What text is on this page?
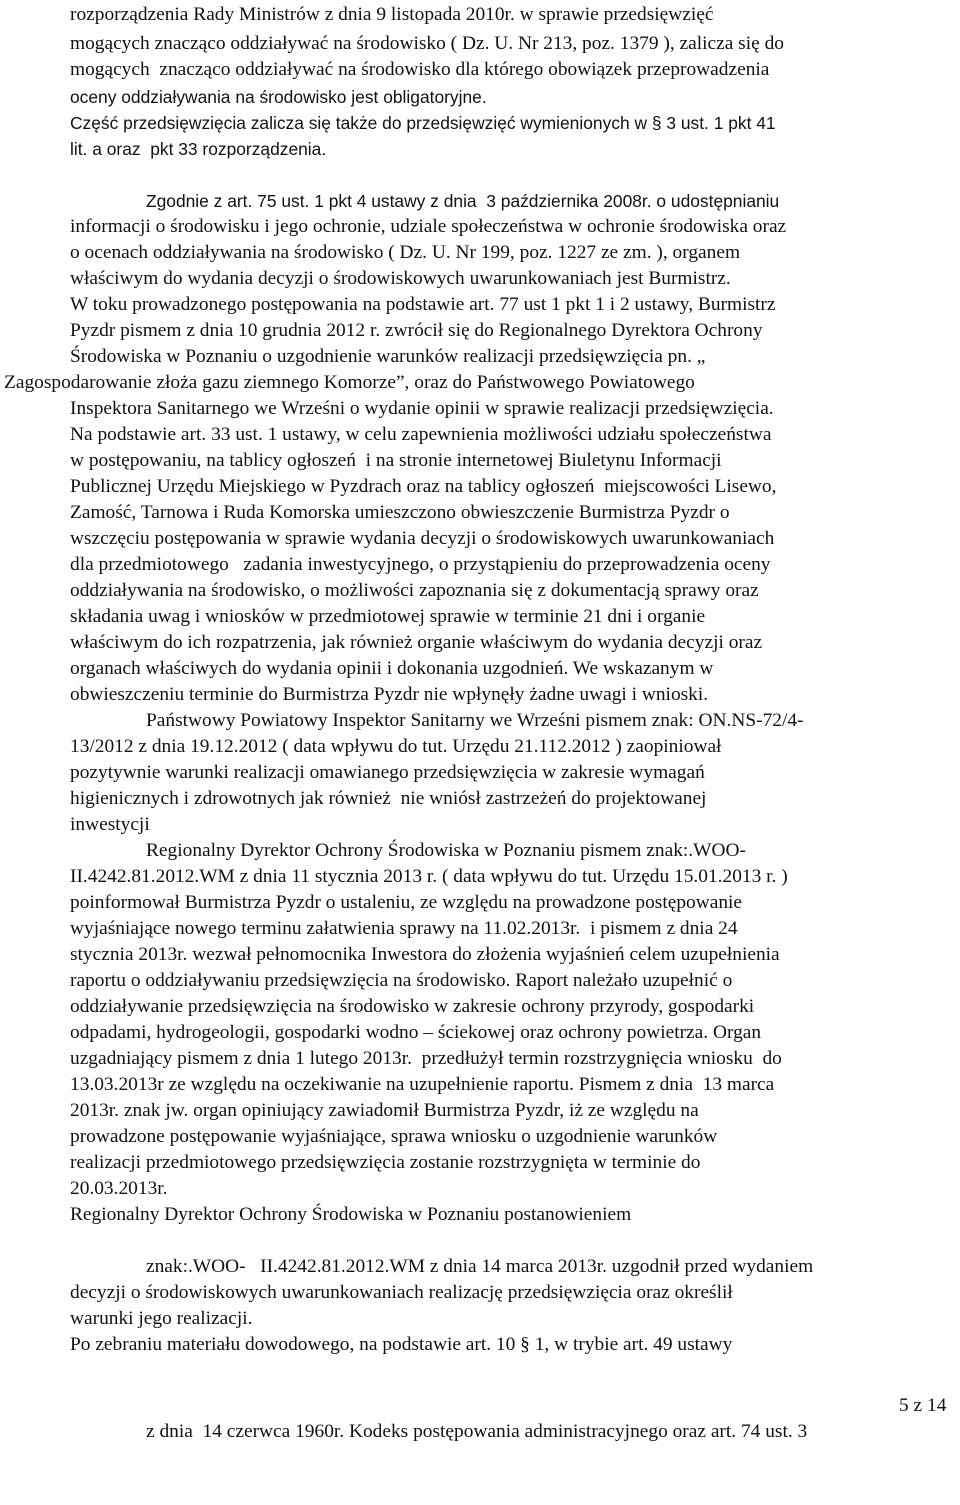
rozporządzenia Rady Ministrów z dnia 9 listopada 2010r. w sprawie przedsięwzięć

mogących znacząco oddziaływać na środowisko ( Dz. U. Nr 213, poz. 1379 ), zalicza się do

mogących  znacząco oddziaływać na środowisko dla którego obowiązek przeprowadzenia

oceny oddziaływania na środowisko jest obligatoryjne.

Część przedsięwzięcia zalicza się także do przedsięwzięć wymienionych w § 3 ust. 1 pkt 41

lit. a oraz  pkt 33 rozporządzenia.

Zgodnie z art. 75 ust. 1 pkt 4 ustawy z dnia  3 października 2008r. o udostępnianiu

informacji o środowisku i jego ochronie, udziale społeczeństwa w ochronie środowiska oraz

o ocenach oddziaływania na środowisko ( Dz. U. Nr 199, poz. 1227 ze zm. ), organem

właściwym do wydania decyzji o środowiskowych uwarunkowaniach jest Burmistrz.

W toku prowadzonego postępowania na podstawie art. 77 ust 1 pkt 1 i 2 ustawy, Burmistrz

Pyzdr pismem z dnia 10 grudnia 2012 r. zwrócił się do Regionalnego Dyrektora Ochrony

Środowiska w Poznaniu o uzgodnienie warunków realizacji przedsięwzięcia pn. „

Zagospodarowanie złoża gazu ziemnego Komorze”, oraz do Państwowego Powiatowego

Inspektora Sanitarnego we Wrześni o wydanie opinii w sprawie realizacji przedsięwzięcia.

Na podstawie art. 33 ust. 1 ustawy, w celu zapewnienia możliwości udziału społeczeństwa

w postępowaniu, na tablicy ogłoszeń  i na stronie internetowej Biuletynu Informacji

Publicznej Urzędu Miejskiego w Pyzdrach oraz na tablicy ogłoszeń  miejscowości Lisewo,

Zamość, Tarnowa i Ruda Komorska umieszczono obwieszczenie Burmistrza Pyzdr o

wszczęciu postępowania w sprawie wydania decyzji o środowiskowych uwarunkowaniach

dla przedmiotowego   zadania inwestycyjnego, o przystąpieniu do przeprowadzenia oceny

oddziaływania na środowisko, o możliwości zapoznania się z dokumentacją sprawy oraz

składania uwag i wniosków w przedmiotowej sprawie w terminie 21 dni i organie

właściwym do ich rozpatrzenia, jak również organie właściwym do wydania decyzji oraz

organach właściwych do wydania opinii i dokonania uzgodnień. We wskazanym w

obwieszczeniu terminie do Burmistrza Pyzdr nie wpłynęły żadne uwagi i wnioski.

Państwowy Powiatowy Inspektor Sanitarny we Wrześni pismem znak: ON.NS-72/4-

13/2012 z dnia 19.12.2012 ( data wpływu do tut. Urzędu 21.112.2012 ) zaopiniował

pozytywnie warunki realizacji omawianego przedsięwzięcia w zakresie wymagań

higienicznych i zdrowotnych jak również  nie wniósł zastrzeżeń do projektowanej

inwestycji

Regionalny Dyrektor Ochrony Środowiska w Poznaniu pismem znak:.WOO-

II.4242.81.2012.WM z dnia 11 stycznia 2013 r. ( data wpływu do tut. Urzędu 15.01.2013 r. )

poinformował Burmistrza Pyzdr o ustaleniu, ze względu na prowadzone postępowanie

wyjaśniające nowego terminu załatwienia sprawy na 11.02.2013r.  i pismem z dnia 24

stycznia 2013r. wezwał pełnomocnika Inwestora do złożenia wyjaśnień celem uzupełnienia

raportu o oddziaływaniu przedsięwzięcia na środowisko. Raport należało uzupełnić o

oddziaływanie przedsięwzięcia na środowisko w zakresie ochrony przyrody, gospodarki

odpadami, hydrogeologii, gospodarki wodno – ściekowej oraz ochrony powietrza. Organ

uzgadniający pismem z dnia 1 lutego 2013r.  przedłużył termin rozstrzygnięcia wniosku  do

13.03.2013r ze względu na oczekiwanie na uzupełnienie raportu. Pismem z dnia  13 marca

2013r. znak jw. organ opiniujący zawiadomił Burmistrza Pyzdr, iż ze względu na

prowadzone postępowanie wyjaśniające, sprawa wniosku o uzgodnienie warunków

realizacji przedmiotowego przedsięwzięcia zostanie rozstrzygnięta w terminie do

20.03.2013r.

Regionalny Dyrektor Ochrony Środowiska w Poznaniu postanowieniem

znak:.WOO-   II.4242.81.2012.WM z dnia 14 marca 2013r. uzgodnił przed wydaniem

decyzji o środowiskowych uwarunkowaniach realizację przedsięwzięcia oraz określił

warunki jego realizacji.

Po zebraniu materiału dowodowego, na podstawie art. 10 § 1, w trybie art. 49 ustawy

5 z 14

z dnia  14 czerwca 1960r. Kodeks postępowania administracyjnego oraz art. 74 ust. 3
